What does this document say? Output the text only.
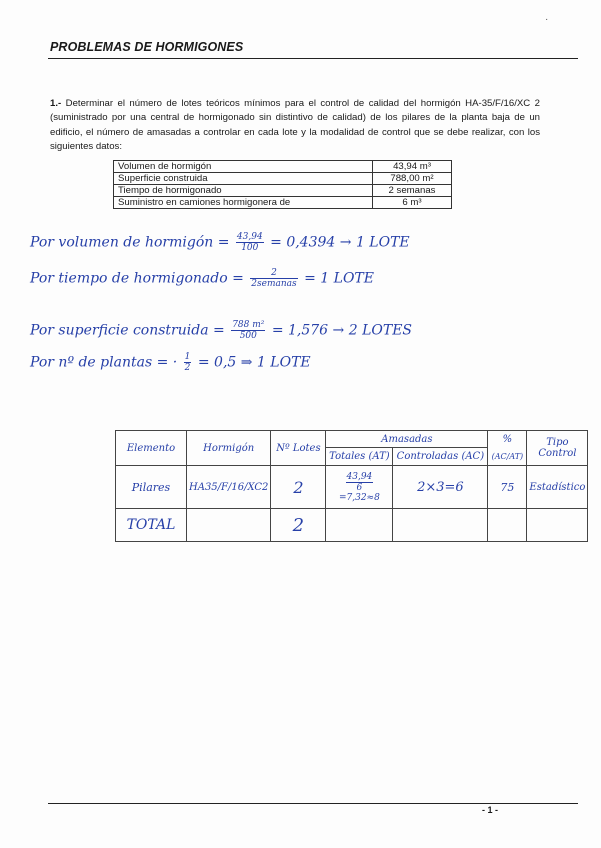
·
PROBLEMAS DE HORMIGONES
1.- Determinar el número de lotes teóricos mínimos para el control de calidad del hormigón HA-35/F/16/XC 2 (suministrado por una central de hormigonado sin distintivo de calidad) de los pilares de la planta baja de un edificio, el número de amasadas a controlar en cada lote y la modalidad de control que se debe realizar, con los siguientes datos:
Volumen de hormigón	43,94 m³
Superficie construida	788,00 m²
Tiempo de hormigonado	2 semanas
Suministro en camiones hormigonera de	6 m³
Por volumen de hormigón = $\frac{43,94}{100} = 0,4394 \to 1$ LOTE
Por tiempo de hormigonado = $\frac{2}{\text{2semanas}} = 1$ LOTE
Por superficie construida = $\frac{\text{788 m²}}{500} = 1,576 \to 2$ LOTES
Por nº de plantas = · $\frac{1}{2} = 0,5$ ⇒ 1 LOTE
Elemento	Hormigón	Nº Lotes	Amasadas		%	Tipo Control
			Totales (AT)	Controladas (AC)	(AC/AT)	
Pilares	HA35/F/16/XC2	2	$\frac{43,94}{6}$
=7,32≈8	2×3=6	75	Estadístico
TOTAL		2				
- 1 -
